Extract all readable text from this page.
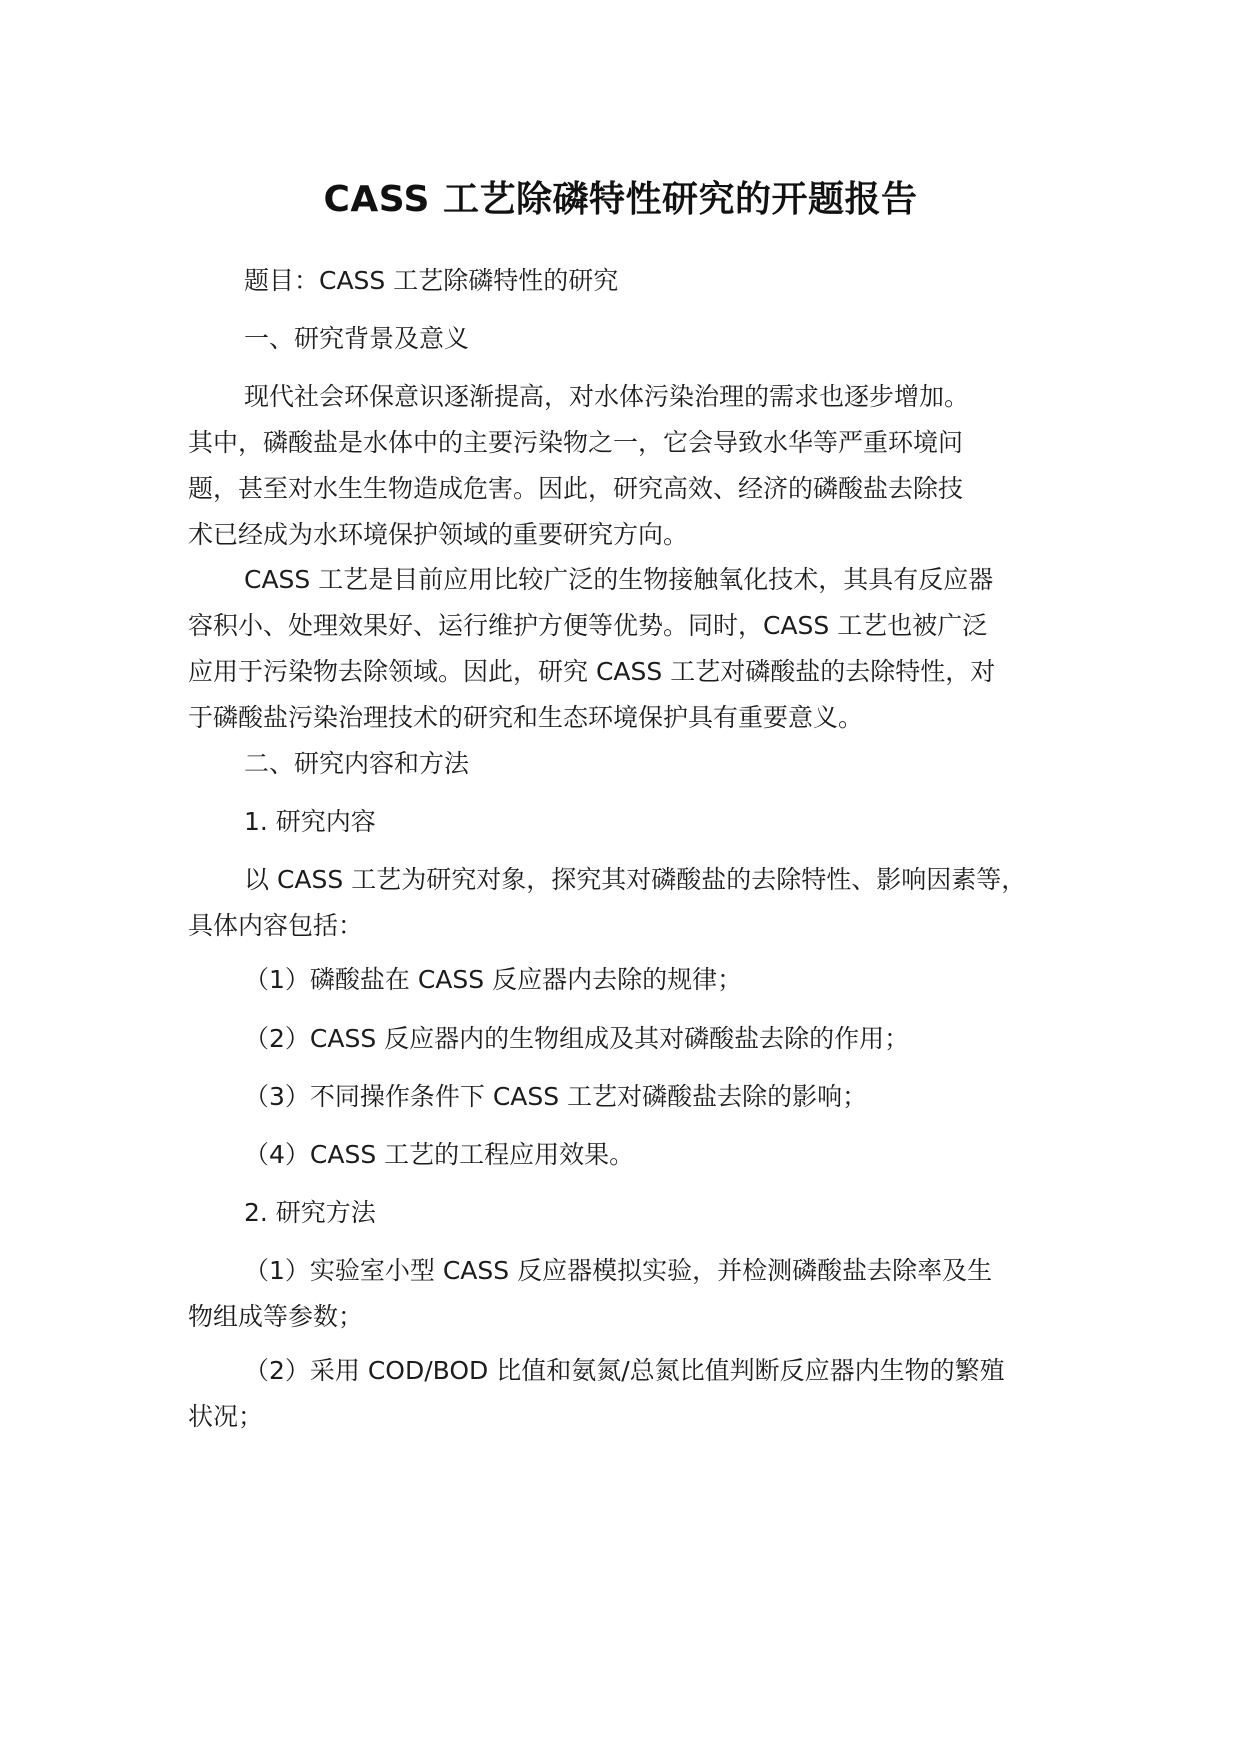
CASS 工艺除磷特性研究的开题报告
题目：CASS 工艺除磷特性的研究
一、研究背景及意义
现代社会环保意识逐渐提高，对水体污染治理的需求也逐步增加。
其中，磷酸盐是水体中的主要污染物之一，它会导致水华等严重环境问
题，甚至对水生生物造成危害。因此，研究高效、经济的磷酸盐去除技
术已经成为水环境保护领域的重要研究方向。
CASS 工艺是目前应用比较广泛的生物接触氧化技术，其具有反应器
容积小、处理效果好、运行维护方便等优势。同时，CASS 工艺也被广泛
应用于污染物去除领域。因此，研究 CASS 工艺对磷酸盐的去除特性，对
于磷酸盐污染治理技术的研究和生态环境保护具有重要意义。
二、研究内容和方法
1. 研究内容
以 CASS 工艺为研究对象，探究其对磷酸盐的去除特性、影响因素等，
具体内容包括：
（1）磷酸盐在 CASS 反应器内去除的规律；
（2）CASS 反应器内的生物组成及其对磷酸盐去除的作用；
（3）不同操作条件下 CASS 工艺对磷酸盐去除的影响；
（4）CASS 工艺的工程应用效果。
2. 研究方法
（1）实验室小型 CASS 反应器模拟实验，并检测磷酸盐去除率及生
物组成等参数；
（2）采用 COD/BOD 比值和氨氮/总氮比值判断反应器内生物的繁殖
状况；
